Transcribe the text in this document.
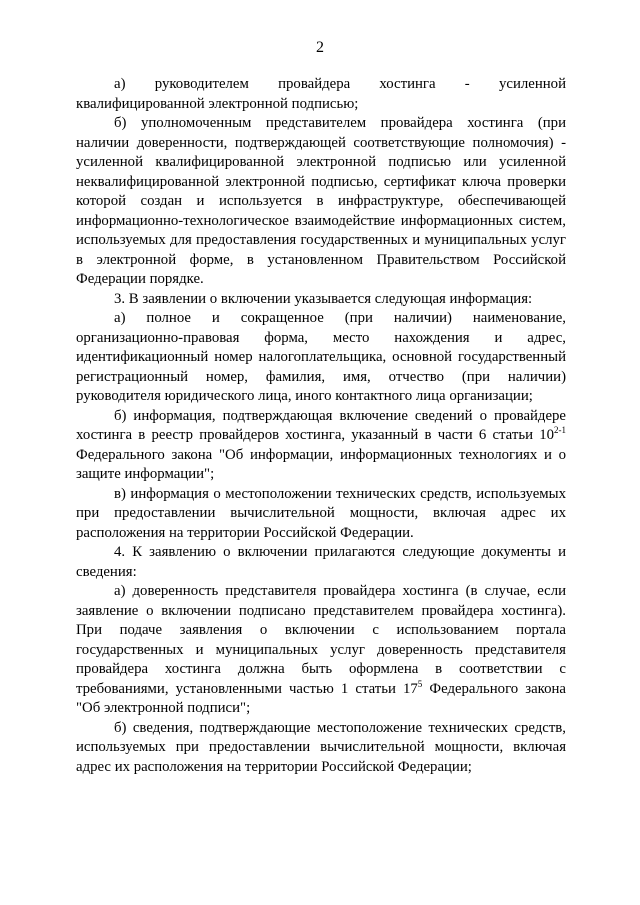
2

а) руководителем провайдера хостинга - усиленной квалифицированной электронной подписью;

б) уполномоченным представителем провайдера хостинга (при наличии доверенности, подтверждающей соответствующие полномочия) - усиленной квалифицированной электронной подписью или усиленной неквалифицированной электронной подписью, сертификат ключа проверки которой создан и используется в инфраструктуре, обеспечивающей информационно-технологическое взаимодействие информационных систем, используемых для предоставления государственных и муниципальных услуг в электронной форме, в установленном Правительством Российской Федерации порядке.

3. В заявлении о включении указывается следующая информация:

а) полное и сокращенное (при наличии) наименование, организационно-правовая форма, место нахождения и адрес, идентификационный номер налогоплательщика, основной государственный регистрационный номер, фамилия, имя, отчество (при наличии) руководителя юридического лица, иного контактного лица организации;

б) информация, подтверждающая включение сведений о провайдере хостинга в реестр провайдеров хостинга, указанный в части 6 статьи 10$^{2-1}$ Федерального закона "Об информации, информационных технологиях и о защите информации";

в) информация о местоположении технических средств, используемых при предоставлении вычислительной мощности, включая адрес их расположения на территории Российской Федерации.

4. К заявлению о включении прилагаются следующие документы и сведения:

а) доверенность представителя провайдера хостинга (в случае, если заявление о включении подписано представителем провайдера хостинга). При подаче заявления о включении с использованием портала государственных и муниципальных услуг доверенность представителя провайдера хостинга должна быть оформлена в соответствии с требованиями, установленными частью 1 статьи $17^5$ Федерального закона "Об электронной подписи";

б) сведения, подтверждающие местоположение технических средств, используемых при предоставлении вычислительной мощности, включая адрес их расположения на территории Российской Федерации;
